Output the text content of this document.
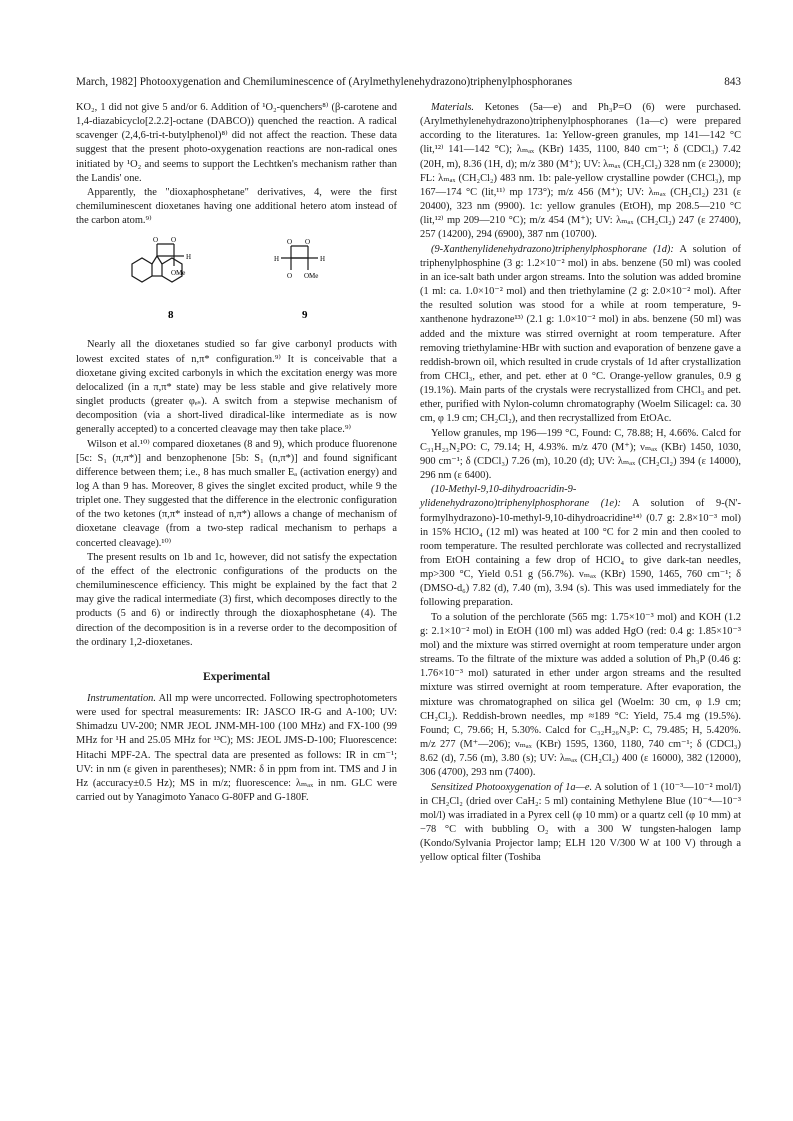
March, 1982] Photooxygenation and Chemiluminescence of (Arylmethylenehydrazono)triphenylphosphoranes	843

KO₂, 1 did not give 5 and/or 6. Addition of ¹O₂-quenchers⁸⁾ (β-carotene and 1,4-diazabicyclo[2.2.2]-octane (DABCO)) quenched the reaction. A radical scavenger (2,4,6-tri-t-butylphenol)⁸⁾ did not affect the reaction. These data suggest that the present photo-oxygenation reactions are non-radical ones initiated by ¹O₂ and seems to support the Lechtken's mechanism rather than the Landis' one.

Apparently, the "dioxaphosphetane" derivatives, 4, were the first chemiluminescent dioxetanes having one additional hetero atom instead of the carbon atom.⁹⁾

O O
H
OMe
O O
H	H
O OMe
8	9

Nearly all the dioxetanes studied so far give carbonyl products with lowest excited states of n,π* configuration.⁹⁾ It is conceivable that a dioxetane giving excited carbonyls in which the excitation energy was more delocalized (in a π,π* state) may be less stable and give relatively more singlet products (greater φₑₛ). A switch from a stepwise mechanism of decomposition (via a short-lived diradical-like intermediate as is now generally accepted) to a concerted cleavage may then take place.⁹⁾

Wilson et al.¹⁰⁾ compared dioxetanes (8 and 9), which produce fluorenone [5c: S₁ (π,π*)] and benzophenone [5b: S₁ (n,π*)] and found significant difference between them; i.e., 8 has much smaller Eₐ (activation energy) and log A than 9 has. Moreover, 8 gives the singlet excited product, while 9 the triplet one. They suggested that the difference in the electronic configuration of the two ketones (π,π* instead of n,π*) allows a change of mechanism of dioxetane cleavage (from a two-step radical mechanism to perhaps a concerted cleavage).¹⁰⁾

The present results on 1b and 1c, however, did not satisfy the expectation of the effect of the electronic configurations of the products on the chemiluminescence efficiency. This might be explained by the fact that 2 may give the radical intermediate (3) first, which decomposes directly to the products (5 and 6) or indirectly through the dioxaphosphetane (4). The direction of the decomposition is in a reverse order to the decomposition of the ordinary 1,2-dioxetanes.

Experimental

Instrumentation. All mp were uncorrected. Following spectrophotometers were used for spectral measurements: IR: JASCO IR-G and A-100; UV: Shimadzu UV-200; NMR JEOL JNM-MH-100 (100 MHz) and FX-100 (99 MHz for ¹H and 25.05 MHz for ¹³C); MS: JEOL JMS-D-100; Fluorescence: Hitachi MPF-2A. The spectral data are presented as follows: IR in cm⁻¹; UV: in nm (ε given in parentheses); NMR: δ in ppm from int. TMS and J in Hz (accuracy±0.5 Hz); MS in m/z; fluorescence: λₘₐₓ in nm. GLC were carried out by Yanagimoto Yanaco G-80FP and G-180F.

Materials. Ketones (5a—e) and Ph₃P=O (6) were purchased. (Arylmethylenehydrazono)triphenylphosphoranes (1a—c) were prepared according to the literatures. 1a: Yellow-green granules, mp 141—142 °C (lit,¹²⁾ 141—142 °C); λₘₐₓ (KBr) 1435, 1100, 840 cm⁻¹; δ (CDCl₃) 7.42 (20H, m), 8.36 (1H, d); m/z 380 (M⁺); UV: λₘₐₓ (CH₂Cl₂) 328 nm (ε 23000); FL: λₘₐₓ (CH₂Cl₂) 483 nm. 1b: pale-yellow crystalline powder (CHCl₃), mp 167—174 °C (lit,¹¹⁾ mp 173°); m/z 456 (M⁺); UV: λₘₐₓ (CH₂Cl₂) 231 (ε 20400), 323 nm (9900). 1c: yellow granules (EtOH), mp 208.5—210 °C (lit,¹²⁾ mp 209—210 °C); m/z 454 (M⁺); UV: λₘₐₓ (CH₂Cl₂) 247 (ε 27400), 257 (14200), 294 (6900), 387 nm (10700).

(9-Xanthenylidenehydrazono)triphenylphosphorane (1d): A solution of triphenylphosphine (3 g: 1.2×10⁻² mol) in abs. benzene (50 ml) was cooled in an ice-salt bath under argon streams. Into the solution was added bromine (1 ml: ca. 1.0×10⁻² mol) and then triethylamine (2 g: 2.0×10⁻² mol). After the resulted solution was stood for a while at room temperature, 9-xanthenone hydrazone¹³⁾ (2.1 g: 1.0×10⁻² mol) in abs. benzene (50 ml) was added and the mixture was stirred overnight at room temperature. After removing triethylamine·HBr with suction and evaporation of benzene gave a reddish-brown oil, which resulted in crude crystals of 1d after crystallization from CHCl₃, ether, and pet. ether at 0 °C. Orange-yellow granules, 0.9 g (19.1%). Main parts of the crystals were recrystallized from CHCl₃ and pet. ether, purified with Nylon-column chromatography (Woelm Silicagel: ca. 30 cm, φ 1.9 cm; CH₂Cl₂), and then recrystallized from EtOAc.

Yellow granules, mp 196—199 °C, Found: C, 78.88; H, 4.66%. Calcd for C₃₁H₂₃N₂PO: C, 79.14; H, 4.93%. m/z 470 (M⁺); νₘₐₓ (KBr) 1450, 1030, 900 cm⁻¹; δ (CDCl₃) 7.26 (m), 10.20 (d); UV: λₘₐₓ (CH₂Cl₂) 394 (ε 14000), 296 nm (ε 6400).

(10-Methyl-9,10-dihydroacridin-9-ylidenehydrazono)triphenylphosphorane (1e): A solution of 9-(N'-formylhydrazono)-10-methyl-9,10-dihydroacridine¹⁴⁾ (0.7 g: 2.8×10⁻³ mol) in 15% HClO₄ (12 ml) was heated at 100 °C for 2 min and then cooled to room temperature. The resulted perchlorate was collected and recrystallized from EtOH containing a few drop of HClO₄ to give dark-tan needles, mp>300 °C, Yield 0.51 g (56.7%). νₘₐₓ (KBr) 1590, 1465, 760 cm⁻¹; δ (DMSO-d₆) 7.82 (d), 7.40 (m), 3.94 (s). This was used immediately for the following preparation.

To a solution of the perchlorate (565 mg: 1.75×10⁻³ mol) and KOH (1.2 g: 2.1×10⁻² mol) in EtOH (100 ml) was added HgO (red: 0.4 g: 1.85×10⁻³ mol) and the mixture was stirred overnight at room temperature under argon streams. To the filtrate of the mixture was added a solution of Ph₃P (0.46 g: 1.76×10⁻³ mol) saturated in ether under argon streams and the resulted mixture was stirred overnight at room temperature. After evaporation, the mixture was chromatographed on silica gel (Woelm: 30 cm, φ 1.9 cm; CH₂Cl₂). Reddish-brown needles, mp ≈189 °C: Yield, 75.4 mg (19.5%). Found; C, 79.66; H, 5.30%. Calcd for C₃₂H₂₆N₃P: C, 79.485; H, 5.420%. m/z 277 (M⁺—206); νₘₐₓ (KBr) 1595, 1360, 1180, 740 cm⁻¹; δ (CDCl₃) 8.62 (d), 7.56 (m), 3.80 (s); UV: λₘₐₓ (CH₂Cl₂) 400 (ε 16000), 382 (12000), 306 (4700), 293 nm (7400).

Sensitized Photooxygenation of 1a—e. A solution of 1 (10⁻³—10⁻² mol/l) in CH₂Cl₂ (dried over CaH₂: 5 ml) containing Methylene Blue (10⁻⁴—10⁻³ mol/l) was irradiated in a Pyrex cell (φ 10 mm) or a quartz cell (φ 10 mm) at −78 °C with bubbling O₂ with a 300 W tungsten-halogen lamp (Kondo/Sylvania Projector lamp; ELH 120 V/300 W at 100 V) through a yellow optical filter (Toshiba
